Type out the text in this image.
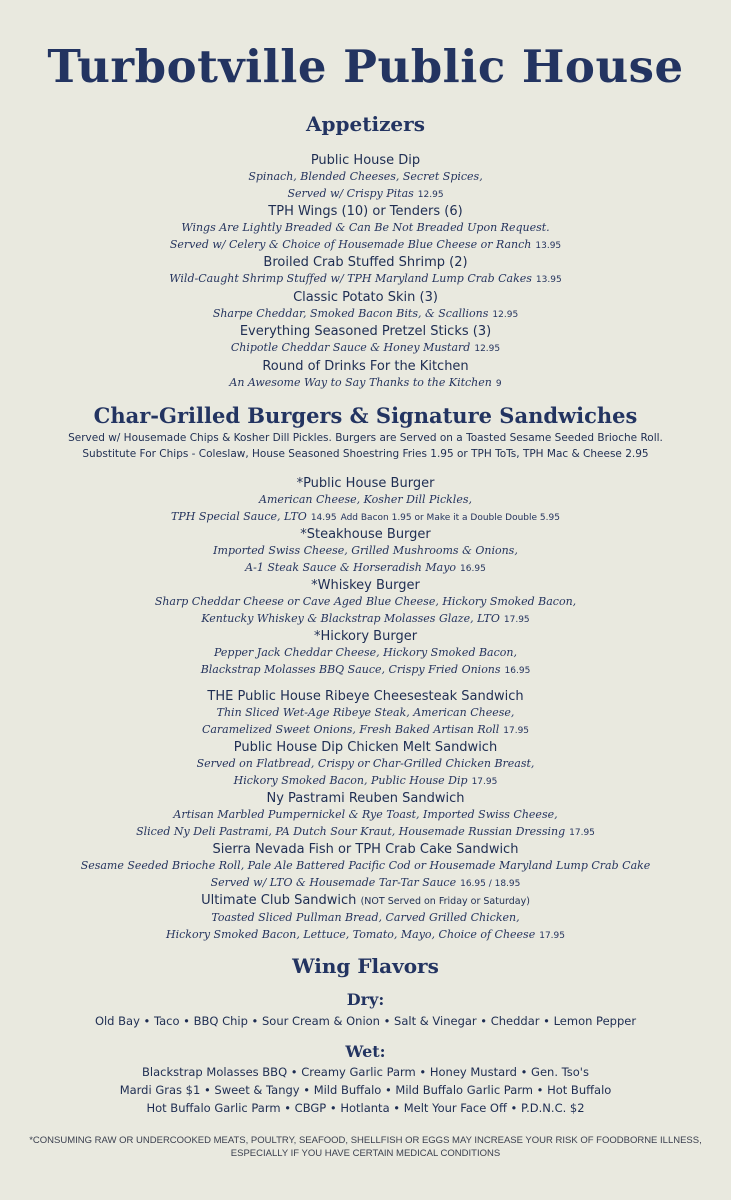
Turbotville Public House
Appetizers
Public House Dip
Spinach, Blended Cheeses, Secret Spices,
Served w/ Crispy Pitas 12.95
TPH Wings (10) or Tenders (6)
Wings Are Lightly Breaded & Can Be Not Breaded Upon Request.
Served w/ Celery & Choice of Housemade Blue Cheese or Ranch 13.95
Broiled Crab Stuffed Shrimp (2)
Wild-Caught Shrimp Stuffed w/ TPH Maryland Lump Crab Cakes 13.95
Classic Potato Skin (3)
Sharpe Cheddar, Smoked Bacon Bits, & Scallions 12.95
Everything Seasoned Pretzel Sticks (3)
Chipotle Cheddar Sauce & Honey Mustard 12.95
Round of Drinks For the Kitchen
An Awesome Way to Say Thanks to the Kitchen 9
Char-Grilled Burgers & Signature Sandwiches
Served w/ Housemade Chips & Kosher Dill Pickles. Burgers are Served on a Toasted Sesame Seeded Brioche Roll.
Substitute For Chips - Coleslaw, House Seasoned Shoestring Fries 1.95 or TPH ToTs, TPH Mac & Cheese 2.95
*Public House Burger
American Cheese, Kosher Dill Pickles,
TPH Special Sauce, LTO 14.95 Add Bacon 1.95 or Make it a Double Double 5.95
*Steakhouse Burger
Imported Swiss Cheese, Grilled Mushrooms & Onions,
A-1 Steak Sauce & Horseradish Mayo 16.95
*Whiskey Burger
Sharp Cheddar Cheese or Cave Aged Blue Cheese, Hickory Smoked Bacon,
Kentucky Whiskey & Blackstrap Molasses Glaze, LTO 17.95
*Hickory Burger
Pepper Jack Cheddar Cheese, Hickory Smoked Bacon,
Blackstrap Molasses BBQ Sauce, Crispy Fried Onions 16.95
THE Public House Ribeye Cheesesteak Sandwich
Thin Sliced Wet-Age Ribeye Steak, American Cheese,
Caramelized Sweet Onions, Fresh Baked Artisan Roll 17.95
Public House Dip Chicken Melt Sandwich
Served on Flatbread, Crispy or Char-Grilled Chicken Breast,
Hickory Smoked Bacon, Public House Dip 17.95
Ny Pastrami Reuben Sandwich
Artisan Marbled Pumpernickel & Rye Toast, Imported Swiss Cheese,
Sliced Ny Deli Pastrami, PA Dutch Sour Kraut, Housemade Russian Dressing 17.95
Sierra Nevada Fish or TPH Crab Cake Sandwich
Sesame Seeded Brioche Roll, Pale Ale Battered Pacific Cod or Housemade Maryland Lump Crab Cake
Served w/ LTO & Housemade Tar-Tar Sauce 16.95 / 18.95
Ultimate Club Sandwich (NOT Served on Friday or Saturday)
Toasted Sliced Pullman Bread, Carved Grilled Chicken,
Hickory Smoked Bacon, Lettuce, Tomato, Mayo, Choice of Cheese 17.95
Wing Flavors
Dry:
Old Bay • Taco • BBQ Chip • Sour Cream & Onion • Salt & Vinegar • Cheddar • Lemon Pepper
Wet:
Blackstrap Molasses BBQ • Creamy Garlic Parm • Honey Mustard • Gen. Tso's
Mardi Gras $1 • Sweet & Tangy • Mild Buffalo • Mild Buffalo Garlic Parm • Hot Buffalo
Hot Buffalo Garlic Parm • CBGP • Hotlanta • Melt Your Face Off • P.D.N.C. $2
*CONSUMING RAW OR UNDERCOOKED MEATS, POULTRY, SEAFOOD, SHELLFISH OR EGGS MAY INCREASE YOUR RISK OF FOODBORNE ILLNESS,
ESPECIALLY IF YOU HAVE CERTAIN MEDICAL CONDITIONS
